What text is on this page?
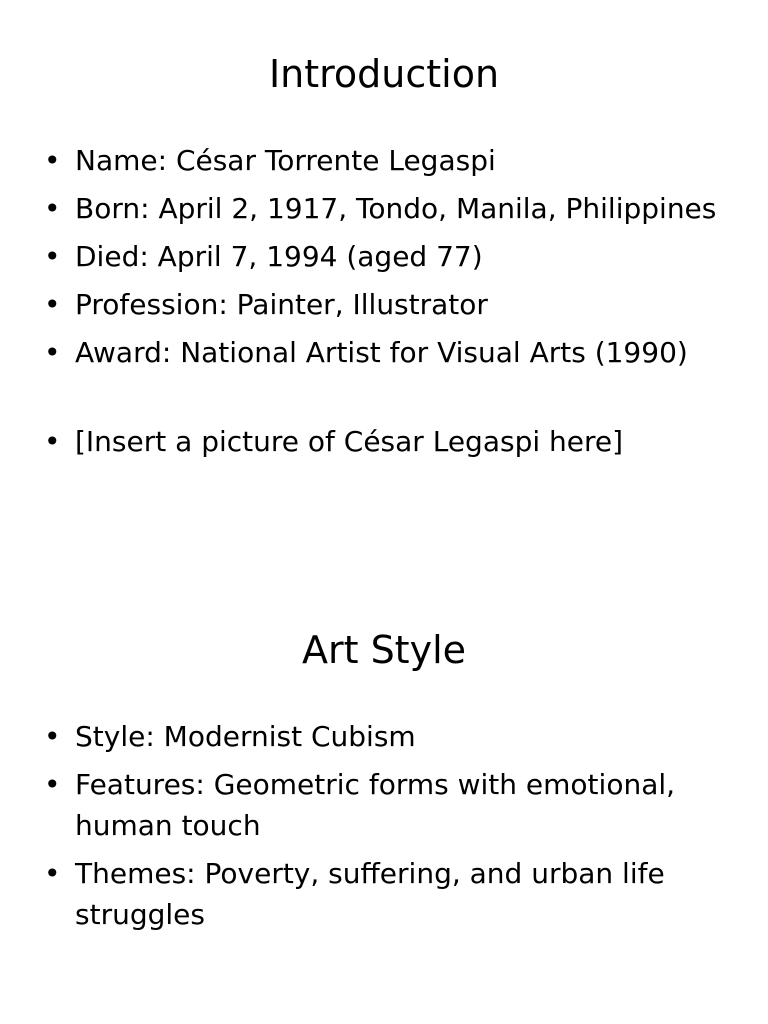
Introduction
• Name: César Torrente Legaspi
• Born: April 2, 1917, Tondo, Manila, Philippines
• Died: April 7, 1994 (aged 77)
• Profession: Painter, Illustrator
• Award: National Artist for Visual Arts (1990)
• [Insert a picture of César Legaspi here]
Art Style
• Style: Modernist Cubism
• Features: Geometric forms with emotional, human touch
• Themes: Poverty, suffering, and urban life struggles
